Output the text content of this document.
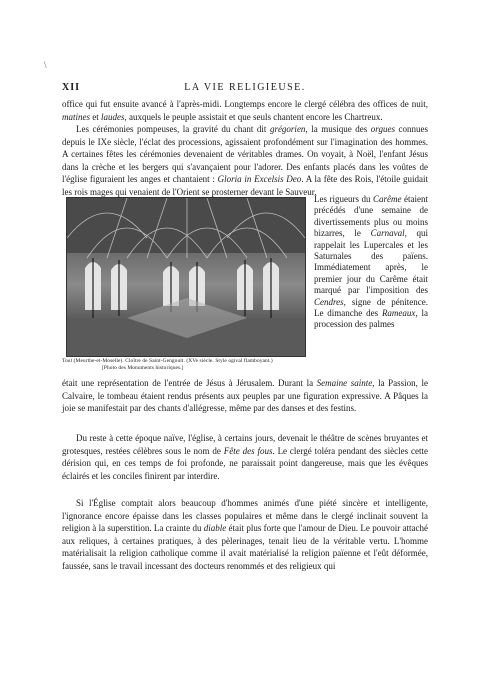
\
XII	LA VIE RELIGIEUSE.

office qui fut ensuite avancé à l'après-midi. Longtemps encore le clergé célébra des offices de nuit, matines et laudes, auxquels le peuple assistait et que seuls chantent encore les Chartreux.

Les cérémonies pompeuses, la gravité du chant dit grégorien, la musique des orgues connues depuis le IXe siècle, l'éclat des processions, agissaient profondément sur l'imagination des hommes. A certaines fêtes les cérémonies devenaient de véritables drames. On voyait, à Noël, l'enfant Jésus dans la crèche et les bergers qui s'avançaient pour l'adorer. Des enfants placés dans les voûtes de l'église figuraient les anges et chantaient : Gloria in Excelsis Deo. A la fête des Rois, l'étoile guidait les rois mages qui venaient de l'Orient se prosterner devant le Sauveur.

Toul (Meurthe-et-Moselle). Cloître de Saint-Gengoult. (XVe siècle. Style ogival flamboyant.)
[Photo des Monuments historiques.]
Les rigueurs du Carême étaient précédés d'une semaine de divertissements plus ou moins bizarres, le Carnaval, qui rappelait les Lupercales et les Saturnales des païens. Immédiatement après, le premier jour du Carême était marqué par l'imposition des Cendres, signe de pénitence. Le dimanche des Rameaux, la procession des palmes

était une représentation de l'entrée de Jésus à Jérusalem. Durant la Semaine sainte, la Passion, le Calvaire, le tombeau étaient rendus présents aux peuples par une figuration expressive. A Pâques la joie se manifestait par des chants d'allégresse, même par des danses et des festins.

Du reste à cette époque naïve, l'église, à certains jours, devenait le théâtre de scènes bruyantes et grotesques, restées célèbres sous le nom de Fête des fous. Le clergé toléra pendant des siècles cette dérision qui, en ces temps de foi profonde, ne paraissait point dangereuse, mais que les évêques éclairés et les conciles finirent par interdire.

Si l'Église comptait alors beaucoup d'hommes animés d'une piété sincère et intelligente, l'ignorance encore épaisse dans les classes populaires et même dans le clergé inclinait souvent la religion à la superstition. La crainte du diable était plus forte que l'amour de Dieu. Le pouvoir attaché aux reliques, à certaines pratiques, à des pèlerinages, tenait lieu de la véritable vertu. L'homme matérialisait la religion catholique comme il avait matérialisé la religion païenne et l'eût déformée, faussée, sans le travail incessant des docteurs renommés et des religieux qui
